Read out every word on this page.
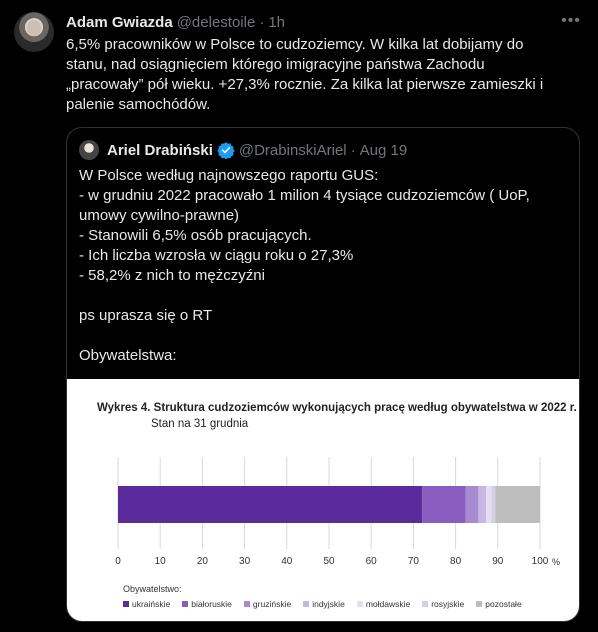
Adam Gwiazda @delestoile · 1h	•••

6,5% pracowników w Polsce to cudzoziemcy. W kilka lat dobijamy do

stanu, nad osiągnięciem którego imigracyjne państwa Zachodu

„pracowały” pół wieku. +27,3% rocznie. Za kilka lat pierwsze zamieszki i

palenie samochódów.

Ariel Drabiński @DrabinskiAriel · Aug 19

W Polsce według najnowszego raportu GUS:

- w grudniu 2022 pracowało 1 milion 4 tysiące cudzoziemców ( UoP,

umowy cywilno-prawne)

- Stanowili 6,5% osób pracujących.

- Ich liczba wzrosła w ciągu roku o 27,3%

- 58,2% z nich to mężczyźni

ps uprasza się o RT

Obywatelstwa:

0	10	20	30	40	50	60	70	80	90	100 %
Wykres 4. Struktura cudzoziemców wykonujących pracę według obywatelstwa w 2022 r.
Stan na 31 grudnia
Obywatelstwo:
ukraińskie białoruskie gruzińskie indyjskie mołdawskie rosyjskie pozostałe
